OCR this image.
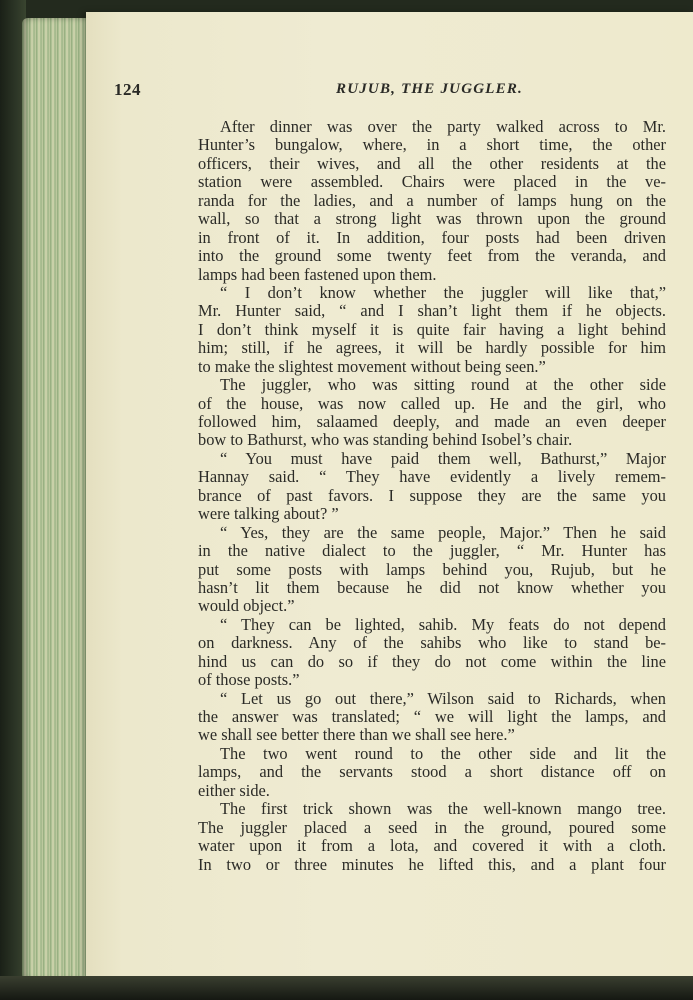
124	RUJUB, THE JUGGLER.
After dinner was over the party walked across to Mr.
Hunter’s bungalow, where, in a short time, the other
officers, their wives, and all the other residents at the
station were assembled. Chairs were placed in the ve-
randa for the ladies, and a number of lamps hung on the
wall, so that a strong light was thrown upon the ground
in front of it. In addition, four posts had been driven
into the ground some twenty feet from the veranda, and
lamps had been fastened upon them.
“ I don’t know whether the juggler will like that,”
Mr. Hunter said, “ and I shan’t light them if he objects.
I don’t think myself it is quite fair having a light behind
him; still, if he agrees, it will be hardly possible for him
to make the slightest movement without being seen.”
The juggler, who was sitting round at the other side
of the house, was now called up. He and the girl, who
followed him, salaamed deeply, and made an even deeper
bow to Bathurst, who was standing behind Isobel’s chair.
“ You must have paid them well, Bathurst,” Major
Hannay said. “ They have evidently a lively remem-
brance of past favors. I suppose they are the same you
were talking about? ”
“ Yes, they are the same people, Major.” Then he said
in the native dialect to the juggler, “ Mr. Hunter has
put some posts with lamps behind you, Rujub, but he
hasn’t lit them because he did not know whether you
would object.”
“ They can be lighted, sahib. My feats do not depend
on darkness. Any of the sahibs who like to stand be-
hind us can do so if they do not come within the line
of those posts.”
“ Let us go out there,” Wilson said to Richards, when
the answer was translated; “ we will light the lamps, and
we shall see better there than we shall see here.”
The two went round to the other side and lit the
lamps, and the servants stood a short distance off on
either side.
The first trick shown was the well-known mango tree.
The juggler placed a seed in the ground, poured some
water upon it from a lota, and covered it with a cloth.
In two or three minutes he lifted this, and a plant four
